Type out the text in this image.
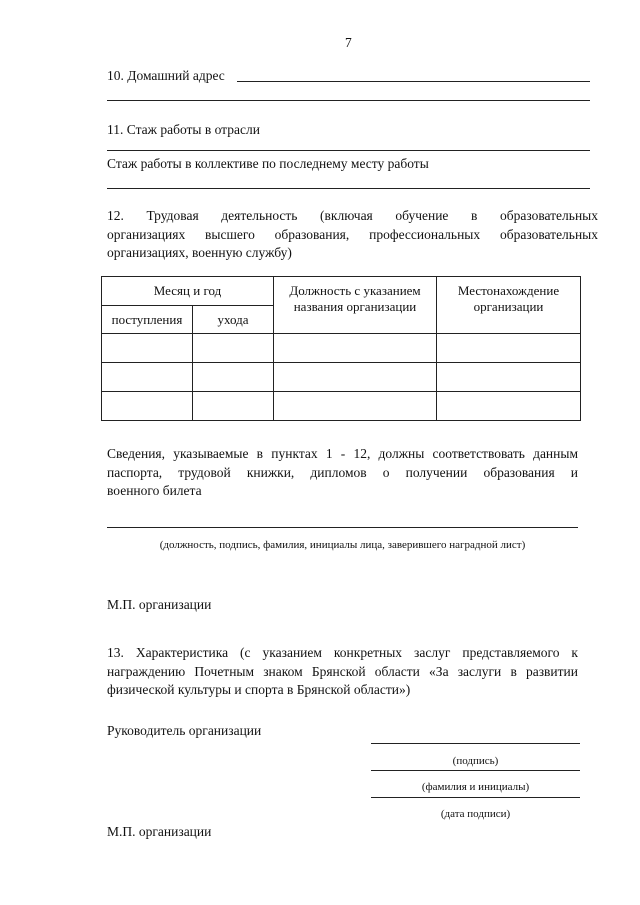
7
10. Домашний адрес
11. Стаж работы в отрасли
Стаж работы в коллективе по последнему месту работы
12. Трудовая деятельность (включая обучение в образовательных
организациях высшего образования, профессиональных образовательных
организациях, военную службу)
Месяц и год		Должность с указанием названия организации	Местонахождение организации
поступления	ухода		

Сведения, указываемые в пунктах 1 - 12, должны соответствовать данным
паспорта, трудовой книжки, дипломов о получении образования и
военного билета
(должность, подпись, фамилия, инициалы лица, заверившего наградной лист)
М.П. организации
13. Характеристика (с указанием конкретных заслуг представляемого к
награждению Почетным знаком Брянской области «За заслуги в развитии
физической культуры и спорта в Брянской области»)
Руководитель организации
(подпись)
(фамилия и инициалы)
(дата подписи)
М.П. организации
